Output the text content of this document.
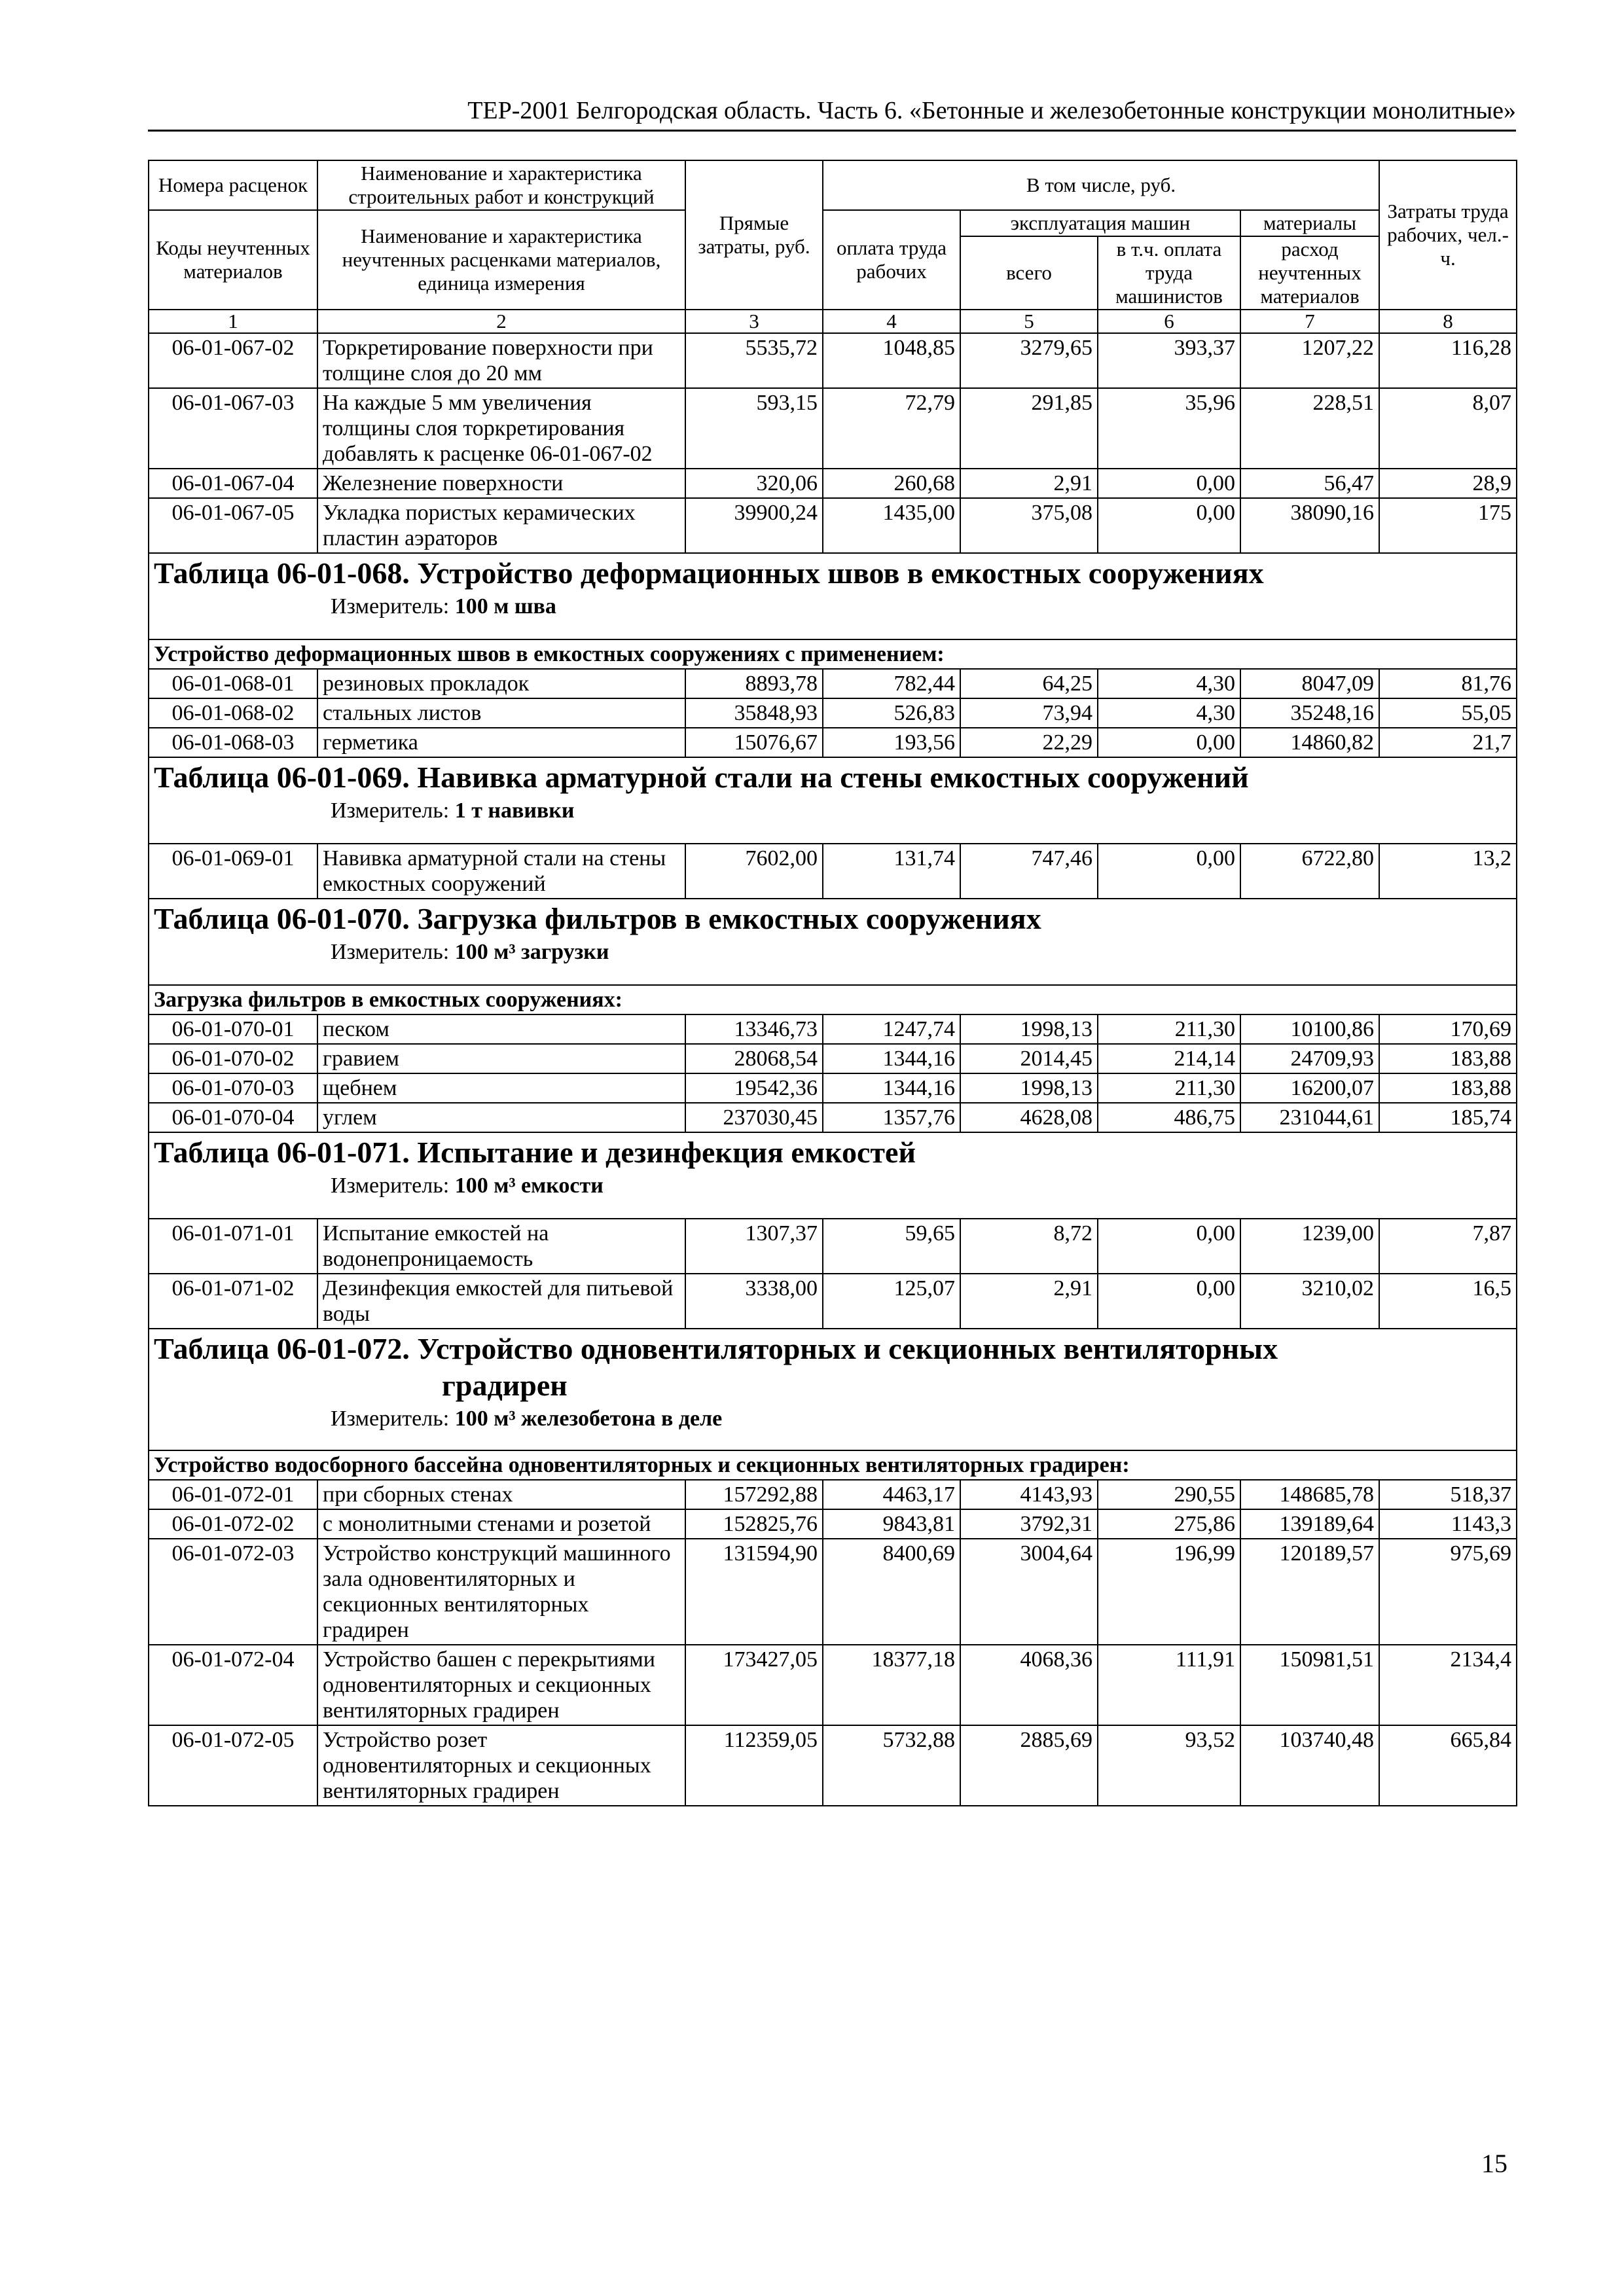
ТЕР-2001 Белгородская область. Часть 6. «Бетонные и железобетонные конструкции монолитные»
Номера расценок	Наименование и характеристика строительных работ и конструкций	Прямые затраты, руб.	В том числе, руб.				Затраты труда рабочих, чел.-ч.
Коды неучтенных материалов	Наименование и характеристика неучтенных расценками материалов, единица измерения		оплата труда рабочих	эксплуатация машин		материалы	
				всего	в т.ч. оплата труда машинистов	расход неучтенных материалов	

1	2	3	4	5	6	7	8
06-01-067-02	Торкретирование поверхности при толщине слоя до 20 мм	5535,72	1048,85	3279,65	393,37	1207,22	116,28
06-01-067-03	На каждые 5 мм увеличения толщины слоя торкретирования добавлять к расценке 06-01-067-02	593,15	72,79	291,85	35,96	228,51	8,07
06-01-067-04	Железнение поверхности	320,06	260,68	2,91	0,00	56,47	28,9
06-01-067-05	Укладка пористых керамических пластин аэраторов	39900,24	1435,00	375,08	0,00	38090,16	175

Таблица 06-01-068. Устройство деформационных швов в емкостных сооружениях
Измеритель: 100 м шва							

Устройство деформационных швов в емкостных сооружениях с применением:							
06-01-068-01	резиновых прокладок	8893,78	782,44	64,25	4,30	8047,09	81,76
06-01-068-02	стальных листов	35848,93	526,83	73,94	4,30	35248,16	55,05
06-01-068-03	герметика	15076,67	193,56	22,29	0,00	14860,82	21,7

Таблица 06-01-069. Навивка арматурной стали на стены емкостных сооружений
Измеритель: 1 т навивки							

06-01-069-01	Навивка арматурной стали на стены емкостных сооружений	7602,00	131,74	747,46	0,00	6722,80	13,2

Таблица 06-01-070. Загрузка фильтров в емкостных сооружениях
Измеритель: 100 м³ загрузки							

Загрузка фильтров в емкостных сооружениях:							
06-01-070-01	песком	13346,73	1247,74	1998,13	211,30	10100,86	170,69
06-01-070-02	гравием	28068,54	1344,16	2014,45	214,14	24709,93	183,88
06-01-070-03	щебнем	19542,36	1344,16	1998,13	211,30	16200,07	183,88
06-01-070-04	углем	237030,45	1357,76	4628,08	486,75	231044,61	185,74

Таблица 06-01-071. Испытание и дезинфекция емкостей
Измеритель: 100 м³ емкости							

06-01-071-01	Испытание емкостей на водонепроницаемость	1307,37	59,65	8,72	0,00	1239,00	7,87
06-01-071-02	Дезинфекция емкостей для питьевой воды	3338,00	125,07	2,91	0,00	3210,02	16,5

Таблица 06-01-072. Устройство одновентиляторных и секционных вентиляторных
градирен
Измеритель: 100 м³ железобетона в деле							

Устройство водосборного бассейна одновентиляторных и секционных вентиляторных градирен:							
06-01-072-01	при сборных стенах	157292,88	4463,17	4143,93	290,55	148685,78	518,37
06-01-072-02	с монолитными стенами и розетой	152825,76	9843,81	3792,31	275,86	139189,64	1143,3
06-01-072-03	Устройство конструкций машинного зала одновентиляторных и секционных вентиляторных градирен	131594,90	8400,69	3004,64	196,99	120189,57	975,69
06-01-072-04	Устройство башен с перекрытиями одновентиляторных и секционных вентиляторных градирен	173427,05	18377,18	4068,36	111,91	150981,51	2134,4
06-01-072-05	Устройство розет одновентиляторных и секционных вентиляторных градирен	112359,05	5732,88	2885,69	93,52	103740,48	665,84
15
